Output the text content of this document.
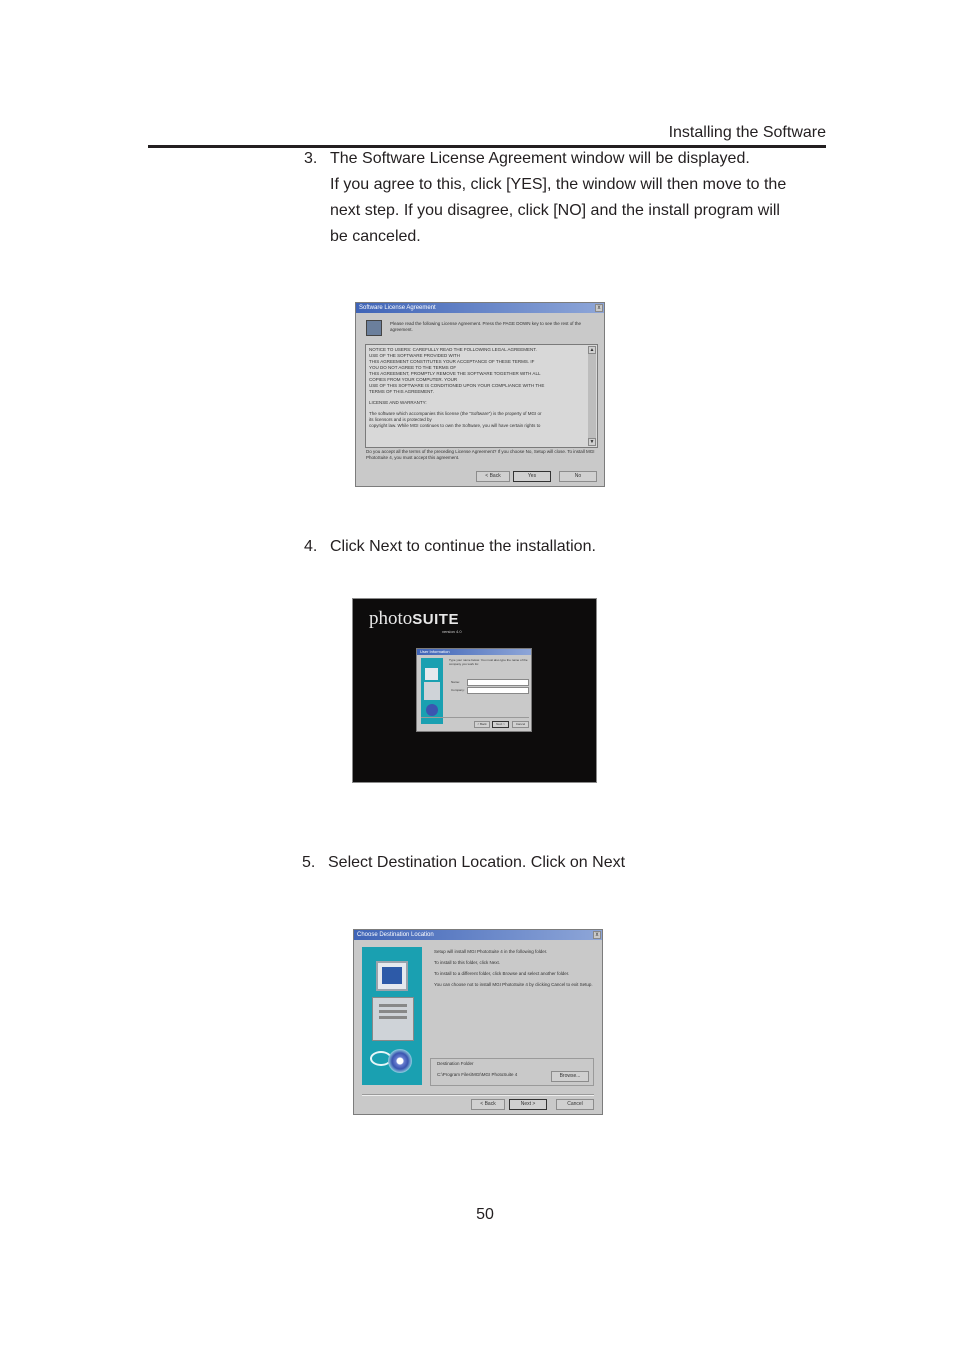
Installing the Software
3. The Software License Agreement window will be displayed.
If you agree to this, click [YES], the window will then move to the
next step. If you disagree, click [NO] and the install program will
be canceled.
Software License Agreement	x
Please read the following License Agreement. Press the PAGE DOWN key to see the rest of the agreement.

NOTICE TO USERS: CAREFULLY READ THE FOLLOWING LEGAL AGREEMENT.

USE OF THE SOFTWARE PROVIDED WITH

THIS AGREEMENT CONSTITUTES YOUR ACCEPTANCE OF THESE TERMS. IF

YOU DO NOT AGREE TO THE TERMS OF

THIS AGREEMENT, PROMPTLY REMOVE THE SOFTWARE TOGETHER WITH ALL

COPIES FROM YOUR COMPUTER. YOUR

USE OF THIS SOFTWARE IS CONDITIONED UPON YOUR COMPLIANCE WITH THE

TERMS OF THIS AGREEMENT.

LICENSE AND WARRANTY:

The software which accompanies this license (the "Software") is the property of MGI or

its licensors and is protected by

copyright law. While MGI continues to own the Software, you will have certain rights to

▲
▼
Do you accept all the terms of the preceding License Agreement? If you choose No, Setup will close. To install MGI PhotoSuite 4, you must accept this agreement.
< Back	Yes	No
4. Click Next to continue the installation.
photoSUITE
version 4.0
User Information
Type your name below. You must also type the name of the company you work for.
Name:
Company:
< Back	Next >	Cancel
5. Select Destination Location. Click on Next
Choose Destination Location	x

Setup will install MGI PhotoSuite 4 in the following folder.

To install to this folder, click Next.

To install to a different folder, click Browse and select another folder.

You can choose not to install MGI PhotoSuite 4 by clicking Cancel to exit Setup.

Destination Folder
C:\Program Files\MGI\MGI PhotoSuite 4	Browse...
< Back	Next >	Cancel
50
